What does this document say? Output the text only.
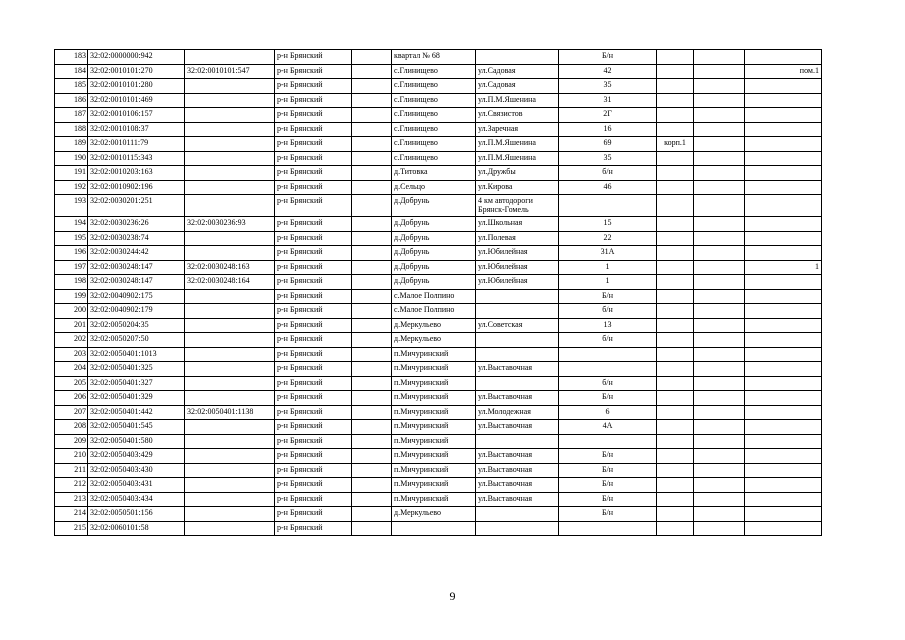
183	32:02:0000000:942		р-н Брянский		квартал № 68		Б/н			
184	32:02:0010101:270	32:02:0010101:547	р-н Брянский		с.Глинищево	ул.Садовая	42			пом.1
185	32:02:0010101:280		р-н Брянский		с.Глинищево	ул.Садовая	35			
186	32:02:0010101:469		р-н Брянский		с.Глинищево	ул.П.М.Яшенина	31			
187	32:02:0010106:157		р-н Брянский		с.Глинищево	ул.Связистов	2Г			
188	32:02:0010108:37		р-н Брянский		с.Глинищево	ул.Заречная	16			
189	32:02:0010111:79		р-н Брянский		с.Глинищево	ул.П.М.Яшенина	69	корп.1		
190	32:02:0010115:343		р-н Брянский		с.Глинищево	ул.П.М.Яшенина	35			
191	32:02:0010203:163		р-н Брянский		д.Титовка	ул.Дружбы	б/н			
192	32:02:0010902:196		р-н Брянский		д.Сельцо	ул.Кирова	46			
193	32:02:0030201:251		р-н Брянский		д.Добрунь	4 км автодороги Брянск-Гомель				
194	32:02:0030236:26	32:02:0030236:93	р-н Брянский		д.Добрунь	ул.Школьная	15			
195	32:02:0030238:74		р-н Брянский		д.Добрунь	ул.Полевая	22			
196	32:02:0030244:42		р-н Брянский		д.Добрунь	ул.Юбилейная	31А			
197	32:02:0030248:147	32:02:0030248:163	р-н Брянский		д.Добрунь	ул.Юбилейная	1			1
198	32:02:0030248:147	32:02:0030248:164	р-н Брянский		д.Добрунь	ул.Юбилейная	1			
199	32:02:0040902:175		р-н Брянский		с.Малое Полпино		Б/н			
200	32:02:0040902:179		р-н Брянский		с.Малое Полпино		б/н			
201	32:02:0050204:35		р-н Брянский		д.Меркульево	ул.Советская	13			
202	32:02:0050207:50		р-н Брянский		д.Меркульево		б/н			
203	32:02:0050401:1013		р-н Брянский		п.Мичуринский					
204	32:02:0050401:325		р-н Брянский		п.Мичуринский	ул.Выставочная				
205	32:02:0050401:327		р-н Брянский		п.Мичуринский		б/н			
206	32:02:0050401:329		р-н Брянский		п.Мичуринский	ул.Выставочная	Б/н			
207	32:02:0050401:442	32:02:0050401:1138	р-н Брянский		п.Мичуринский	ул.Молодежная	6			
208	32:02:0050401:545		р-н Брянский		п.Мичуринский	ул.Выставочная	4А			
209	32:02:0050401:580		р-н Брянский		п.Мичуринский					
210	32:02:0050403:429		р-н Брянский		п.Мичуринский	ул.Выставочная	Б/н			
211	32:02:0050403:430		р-н Брянский		п.Мичуринский	ул.Выставочная	Б/н			
212	32:02:0050403:431		р-н Брянский		п.Мичуринский	ул.Выставочная	Б/н			
213	32:02:0050403:434		р-н Брянский		п.Мичуринский	ул.Выставочная	Б/н			
214	32:02:0050501:156		р-н Брянский		д.Меркульево		Б/н			
215	32:02:0060101:58		р-н Брянский							
9
